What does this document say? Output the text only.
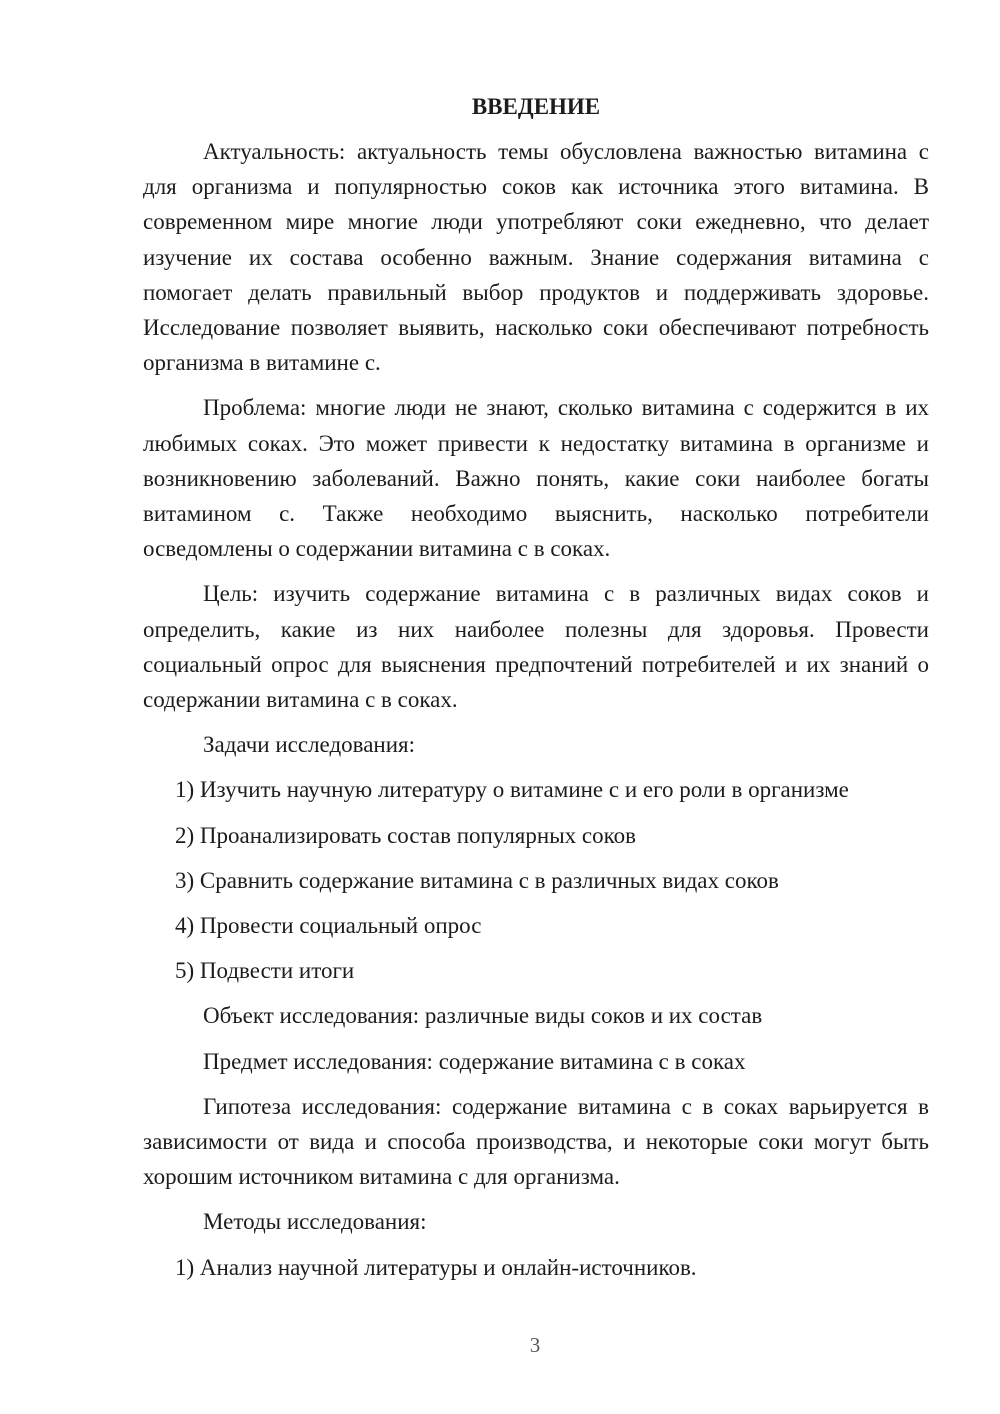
ВВЕДЕНИЕ

Актуальность: актуальность темы обусловлена важностью витамина с для организма и популярностью соков как источника этого витамина. В современном мире многие люди употребляют соки ежедневно, что делает изучение их состава особенно важным. Знание содержания витамина с помогает делать правильный выбор продуктов и поддерживать здоровье. Исследование позволяет выявить, насколько соки обеспечивают потребность организма в витамине с.

Проблема: многие люди не знают, сколько витамина с содержится в их любимых соках. Это может привести к недостатку витамина в организме и возникновению заболеваний. Важно понять, какие соки наиболее богаты витамином с. Также необходимо выяснить, насколько потребители осведомлены о содержании витамина с в соках.

Цель: изучить содержание витамина с в различных видах соков и определить, какие из них наиболее полезны для здоровья. Провести социальный опрос для выяснения предпочтений потребителей и их знаний о содержании витамина с в соках.

Задачи исследования:
1) Изучить научную литературу о витамине с и его роли в организме
2) Проанализировать состав популярных соков
3) Сравнить содержание витамина с в различных видах соков
4) Провести социальный опрос
5) Подвести итоги
Объект исследования: различные виды соков и их состав
Предмет исследования: содержание витамина с в соках

Гипотеза исследования: содержание витамина с в соках варьируется в зависимости от вида и способа производства, и некоторые соки могут быть хорошим источником витамина с для организма.

Методы исследования:
1) Анализ научной литературы и онлайн-источников.
3
